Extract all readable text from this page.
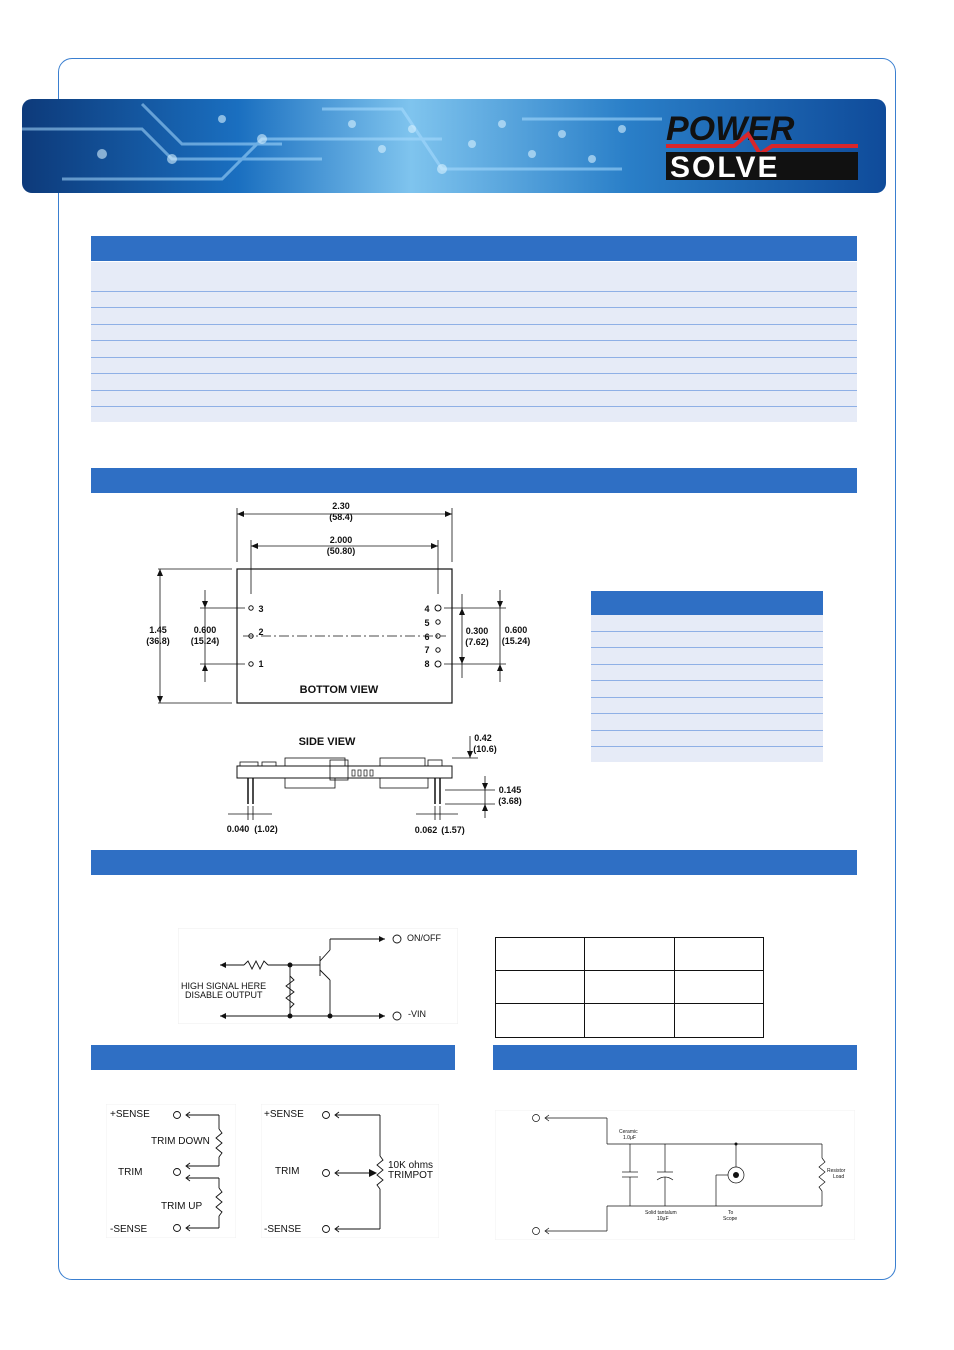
POWER
SOLVE
2.30
(58.4)
2.000
(50.80)
1.45
(36.8)
0.600
(15.24)
3
2
1
4
5
6
7
8
0.300
(7.62)
0.600
(15.24)
BOTTOM VIEW
SIDE VIEW	0.42
(10.6)
0.145
(3.68)
0.040 (1.02)	0.062 (1.57)
ON/OFF
-VIN
HIGH SIGNAL HERE
DISABLE OUTPUT

+SENSE
TRIM DOWN
TRIM
TRIM UP
-SENSE
+SENSE
TRIM
10K ohms
TRIMPOT
-SENSE
Ceramic
1.0μF
Solid tantalum
10μF
To
Scope
Resistor
Load
